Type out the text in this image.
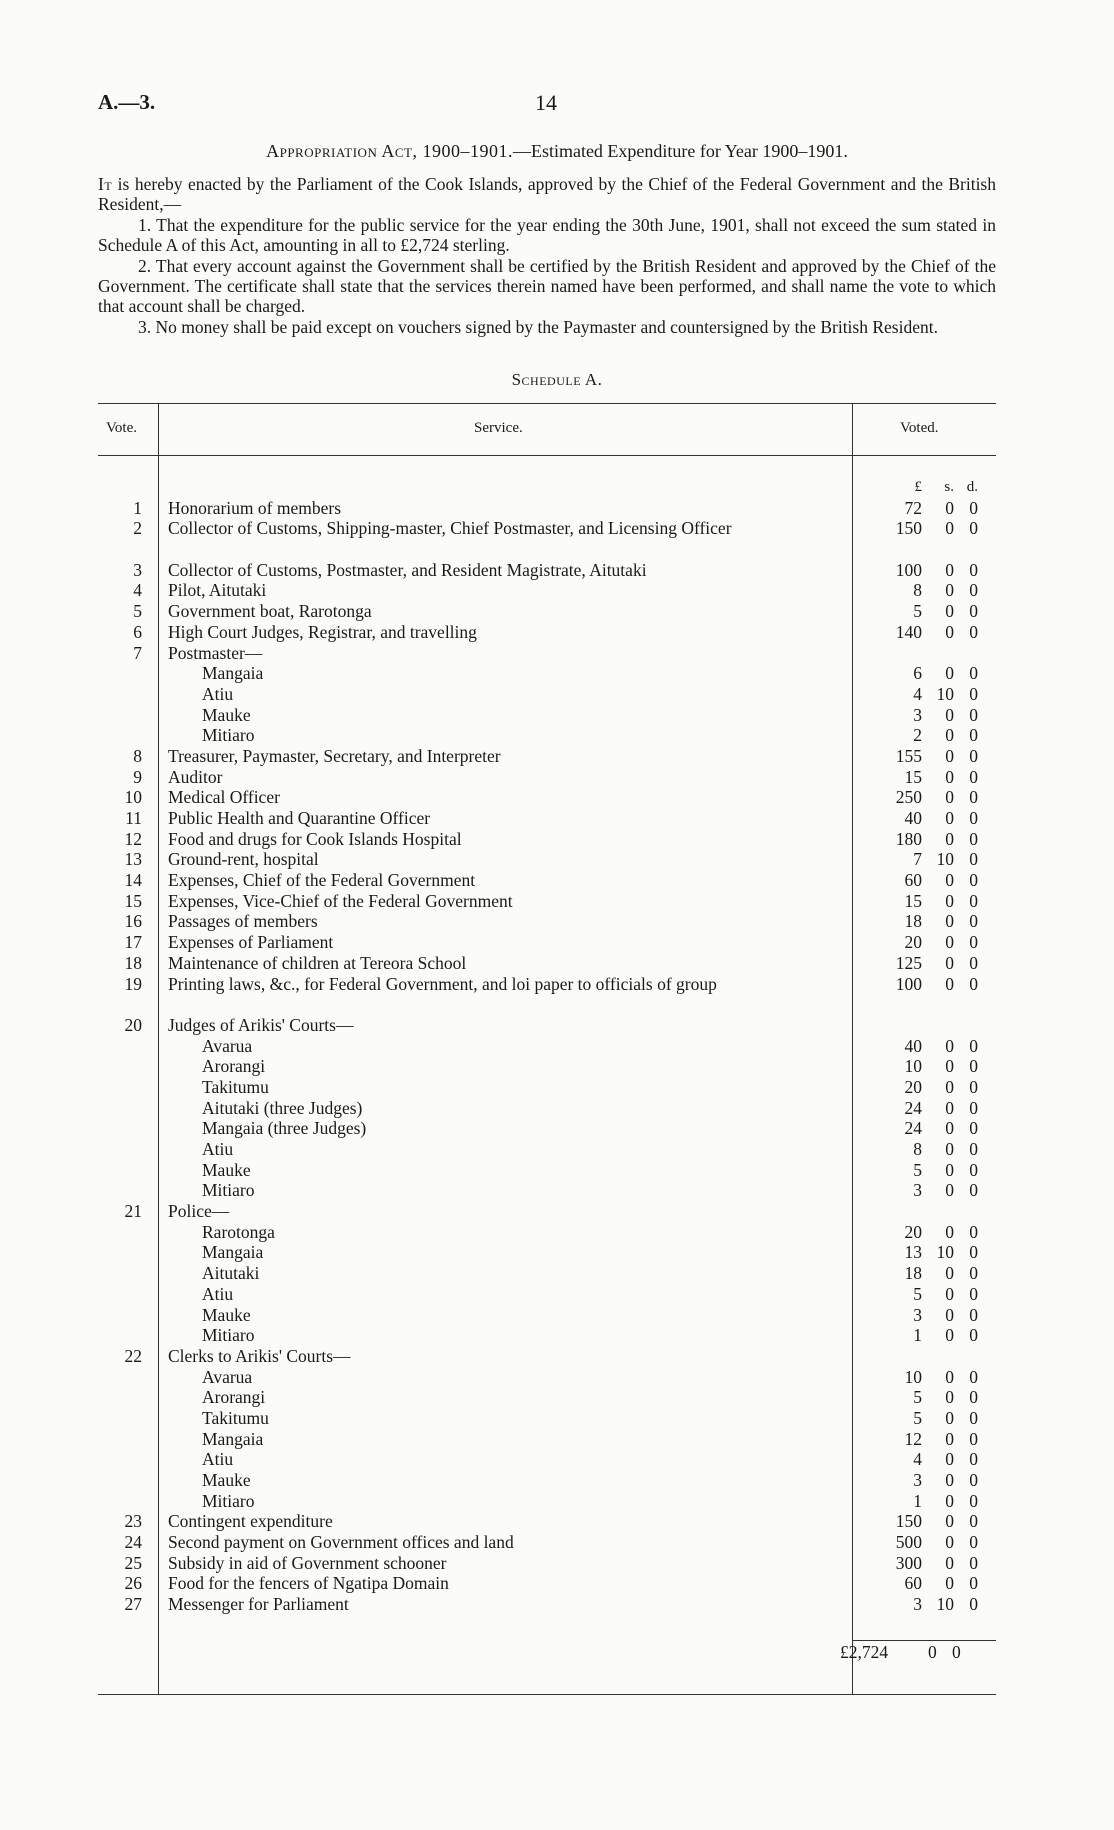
A.—3.	14
Appropriation Act, 1900–1901.—Estimated Expenditure for Year 1900–1901.

It is hereby enacted by the Parliament of the Cook Islands, approved by the Chief of the Federal Government and the British Resident,—

1. That the expenditure for the public service for the year ending the 30th June, 1901, shall not exceed the sum stated in Schedule A of this Act, amounting in all to £2,724 sterling.

2. That every account against the Government shall be certified by the British Resident and approved by the Chief of the Government. The certificate shall state that the services therein named have been performed, and shall name the vote to which that account shall be charged.

3. No money shall be paid except on vouchers signed by the Paymaster and countersigned by the British Resident.

Schedule A.
Vote.	Service.	Voted.
£	s. d.
1 Honorarium of members	72	0 0
2 Collector of Customs, Shipping-master, Chief Postmaster, and Licensing Officer	150	0 0
3 Collector of Customs, Postmaster, and Resident Magistrate, Aitutaki	100	0 0
4 Pilot, Aitutaki	8	0 0
5 Government boat, Rarotonga	5	0 0
6 High Court Judges, Registrar, and travelling	140	0 0
7 Postmaster—
Mangaia	6	0 0
Atiu	4 10 0
Mauke	3	0 0
Mitiaro	2	0 0
8 Treasurer, Paymaster, Secretary, and Interpreter	155	0 0
9 Auditor	15	0 0
10 Medical Officer	250	0 0
11 Public Health and Quarantine Officer	40	0 0
12 Food and drugs for Cook Islands Hospital	180	0 0
13 Ground-rent, hospital	7 10 0
14 Expenses, Chief of the Federal Government	60	0 0
15 Expenses, Vice-Chief of the Federal Government	15	0 0
16 Passages of members	18	0 0
17 Expenses of Parliament	20	0 0
18 Maintenance of children at Tereora School	125	0 0
19 Printing laws, &c., for Federal Government, and loi paper to officials of group	100	0 0
20 Judges of Arikis' Courts—
Avarua	40	0 0
Arorangi	10	0 0
Takitumu	20	0 0
Aitutaki (three Judges)	24	0 0
Mangaia (three Judges)	24	0 0
Atiu	8	0 0
Mauke	5	0 0
Mitiaro	3	0 0
21 Police—
Rarotonga	20	0 0
Mangaia	13 10 0
Aitutaki	18	0 0
Atiu	5	0 0
Mauke	3	0 0
Mitiaro	1	0 0
22 Clerks to Arikis' Courts—
Avarua	10	0 0
Arorangi	5	0 0
Takitumu	5	0 0
Mangaia	12	0 0
Atiu	4	0 0
Mauke	3	0 0
Mitiaro	1	0 0
23 Contingent expenditure	150	0 0
24 Second payment on Government offices and land	500	0 0
25 Subsidy in aid of Government schooner	300	0 0
26 Food for the fencers of Ngatipa Domain	60	0 0
27 Messenger for Parliament	3 10 0
£2,724 0 0
